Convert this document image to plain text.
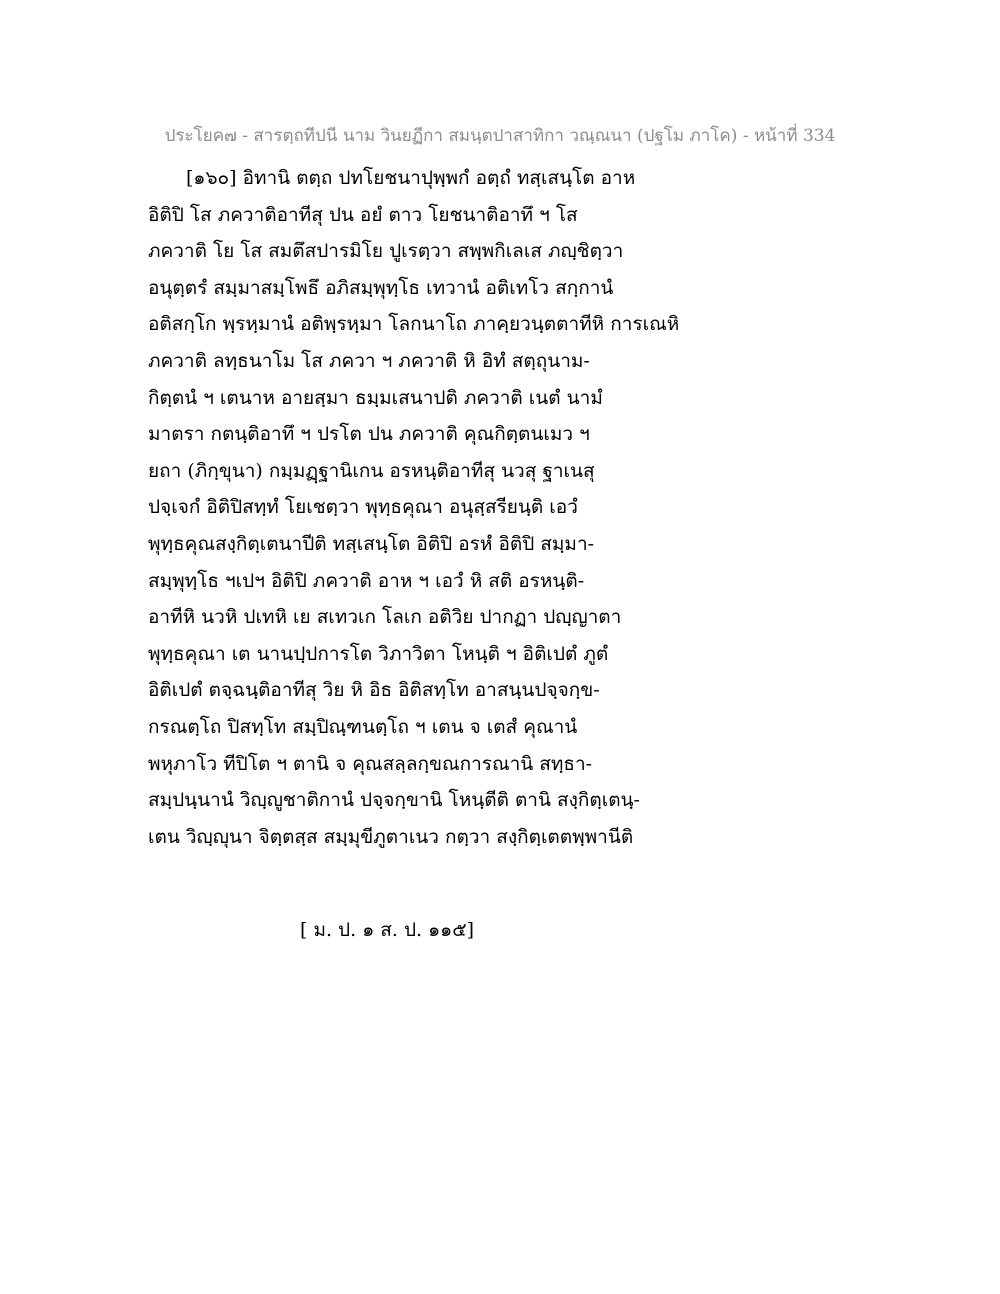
ประโยค๗ - สารตฺถทีปนี นาม วินยฏีกา สมนฺตปาสาทิกา วณฺณนา (ปฐโม ภาโค) - หน้าที่ 334
[๑๖๐] อิทานิ ตตฺถ ปทโยชนาปุพฺพกํ อตฺถํ ทสฺเสนฺโต อาห
อิติปิ โส ภควาติอาทีสุ ปน อยํ ตาว โยชนาติอาทึ ฯ โส
ภควาติ โย โส สมตึสปารมิโย ปูเรตฺวา สพฺพกิเลเส ภญฺชิตฺวา
อนุตฺตรํ สมฺมาสมฺโพธึ อภิสมฺพุทฺโธ เทวานํ อติเทโว สกฺกานํ
อติสกฺโก พฺรหฺมานํ อติพฺรหฺมา โลกนาโถ ภาคฺยวนฺตตาทีหิ การเณหิ
ภควาติ ลทฺธนาโม โส ภควา ฯ ภควาติ หิ อิทํ สตฺถุนาม-
กิตฺตนํ ฯ เตนาห อายสฺมา ธมฺมเสนาปติ ภควาติ เนตํ นามํ
มาตรา กตนฺติอาทึ ฯ ปรโต ปน ภควาติ คุณกิตฺตนเมว ฯ
ยถา (ภิกฺขุนา) กมฺมฏฺฐานิเกน อรหนฺติอาทีสุ นวสุ ฐาเนสุ
ปจฺเจกํ อิติปิสทฺทํ โยเชตฺวา พุทฺธคุณา อนุสฺสรียนฺติ เอวํ
พุทฺธคุณสงฺกิตฺเตนาปีติ ทสฺเสนฺโต อิติปิ อรหํ อิติปิ สมฺมา-
สมฺพุทฺโธ ฯเปฯ อิติปิ ภควาติ อาห ฯ เอวํ หิ สติ อรหนฺติ-
อาทีหิ นวหิ ปเทหิ เย สเทวเก โลเก อติวิย ปากฏา ปญฺญาตา
พุทฺธคุณา เต นานปฺปการโต วิภาวิตา โหนฺติ ฯ อิติเปตํ ภูตํ
อิติเปตํ ตจฺฉนฺติอาทีสุ วิย หิ อิธ อิติสทฺโท อาสนฺนปจฺจกฺข-
กรณตฺโถ ปิสทฺโท สมฺปิณฺฑนตฺโถ ฯ เตน จ เตสํ คุณานํ
พหุภาโว ทีปิโต ฯ ตานิ จ คุณสลฺลกฺขณการณานิ สทฺธา-
สมฺปนฺนานํ วิญฺญูชาติกานํ ปจฺจกฺขานิ โหนฺตีติ ตานิ สงฺกิตฺเตนฺ-
เตน วิญฺญุนา จิตฺตสฺส สมฺมุขีภูตาเนว กตฺวา สงฺกิตฺเตตพฺพานีติ
[ ม. ป. ๑ ส. ป. ๑๑๕]
